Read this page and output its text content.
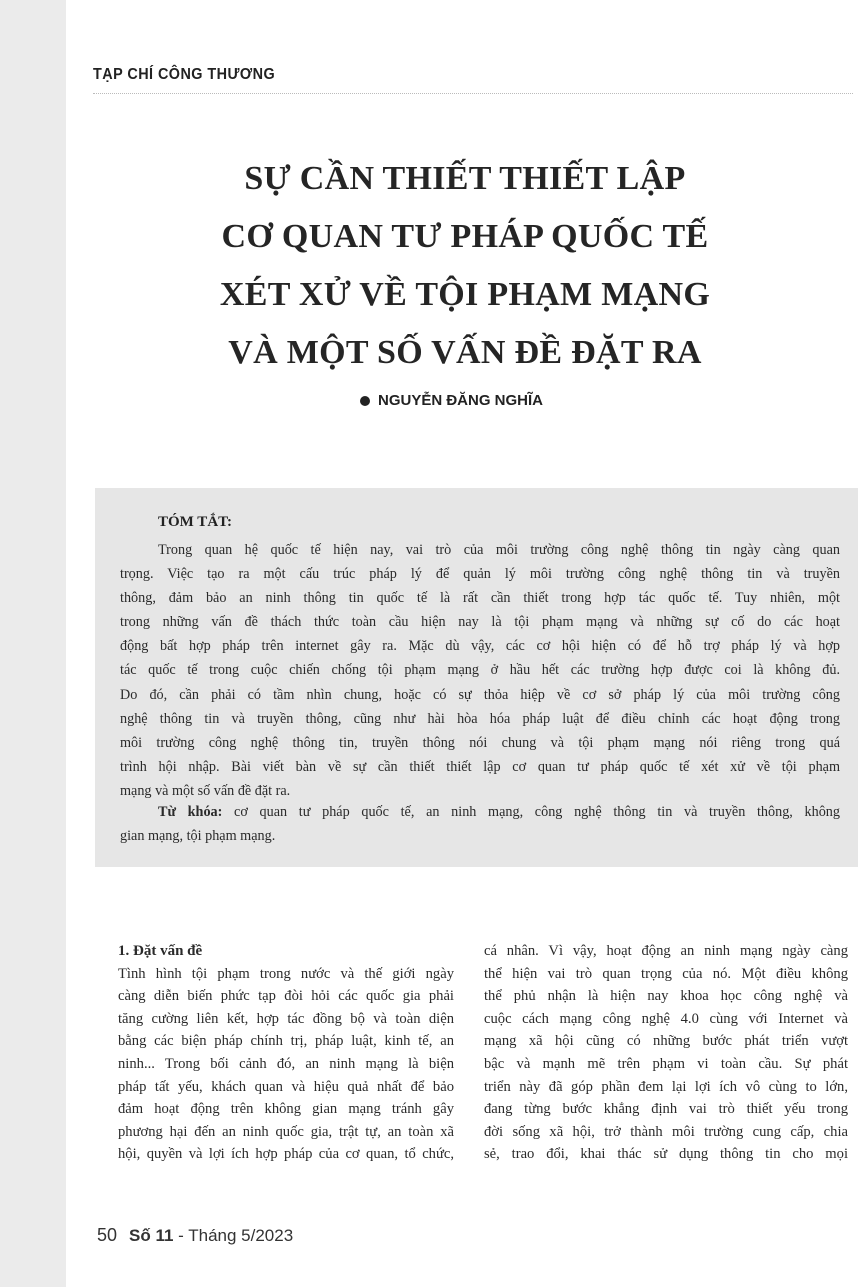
TẠP CHÍ CÔNG THƯƠNG
SỰ CẦN THIẾT THIẾT LẬP
CƠ QUAN TƯ PHÁP QUỐC TẾ
XÉT XỬ VỀ TỘI PHẠM MẠNG
VÀ MỘT SỐ VẤN ĐỀ ĐẶT RA
NGUYỄN ĐĂNG NGHĨA
TÓM TẮT:
Trong quan hệ quốc tế hiện nay, vai trò của môi trường công nghệ thông tin ngày càng quan
trọng. Việc tạo ra một cấu trúc pháp lý để quản lý môi trường công nghệ thông tin và truyền
thông, đảm bảo an ninh thông tin quốc tế là rất cần thiết trong hợp tác quốc tế. Tuy nhiên, một
trong những vấn đề thách thức toàn cầu hiện nay là tội phạm mạng và những sự cố do các hoạt
động bất hợp pháp trên internet gây ra. Mặc dù vậy, các cơ hội hiện có để hỗ trợ pháp lý và hợp
tác quốc tế trong cuộc chiến chống tội phạm mạng ở hầu hết các trường hợp được coi là không đủ.
Do đó, cần phải có tầm nhìn chung, hoặc có sự thỏa hiệp về cơ sở pháp lý của môi trường công
nghệ thông tin và truyền thông, cũng như hài hòa hóa pháp luật để điều chỉnh các hoạt động trong
môi trường công nghệ thông tin, truyền thông nói chung và tội phạm mạng nói riêng trong quá
trình hội nhập. Bài viết bàn về sự cần thiết thiết lập cơ quan tư pháp quốc tế xét xử về tội phạm
mạng và một số vấn đề đặt ra.
Từ khóa: cơ quan tư pháp quốc tế, an ninh mạng, công nghệ thông tin và truyền thông, không
gian mạng, tội phạm mạng.
1. Đặt vấn đề
Tình hình tội phạm trong nước và thế giới ngày
càng diễn biến phức tạp đòi hỏi các quốc gia phải
tăng cường liên kết, hợp tác đồng bộ và toàn diện
bằng các biện pháp chính trị, pháp luật, kinh tế, an
ninh... Trong bối cảnh đó, an ninh mạng là biện
pháp tất yếu, khách quan và hiệu quả nhất để bảo
đảm hoạt động trên không gian mạng tránh gây
phương hại đến an ninh quốc gia, trật tự, an toàn xã
hội, quyền và lợi ích hợp pháp của cơ quan, tổ chức,
cá nhân. Vì vậy, hoạt động an ninh mạng ngày càng
thể hiện vai trò quan trọng của nó. Một điều không
thể phủ nhận là hiện nay khoa học công nghệ và
cuộc cách mạng công nghệ 4.0 cùng với Internet và
mạng xã hội cũng có những bước phát triển vượt
bậc và mạnh mẽ trên phạm vi toàn cầu. Sự phát
triển này đã góp phần đem lại lợi ích vô cùng to lớn,
đang từng bước khẳng định vai trò thiết yếu trong
đời sống xã hội, trở thành môi trường cung cấp, chia
sẻ, trao đổi, khai thác sử dụng thông tin cho mọi
50 Số 11 - Tháng 5/2023
